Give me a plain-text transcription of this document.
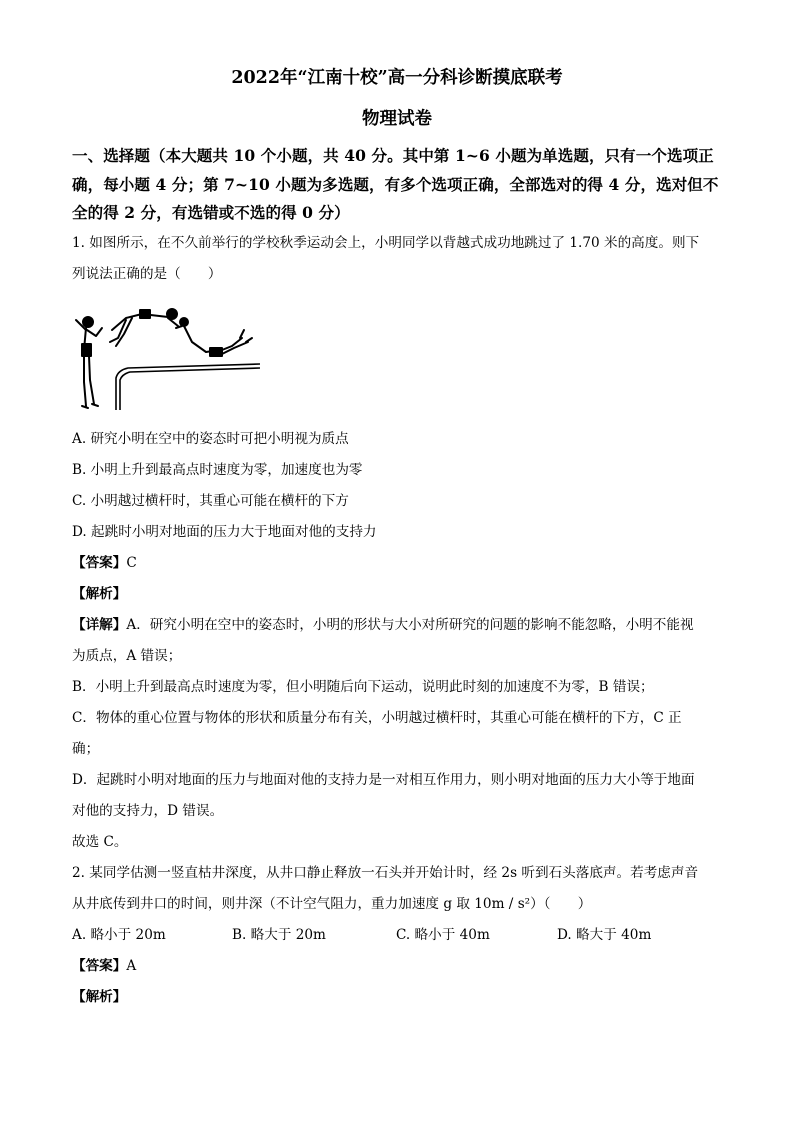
2022年“江南十校”高一分科诊断摸底联考
物理试卷

一、选择题（本大题共 10 个小题，共 40 分。其中第 1~6 小题为单选题，只有一个选项正

确，每小题 4 分；第 7~10 小题为多选题，有多个选项正确，全部选对的得 4 分，选对但不

全的得 2 分，有选错或不选的得 0 分）

1. 如图所示，在不久前举行的学校秋季运动会上，小明同学以背越式成功地跳过了 1.70 米的高度。则下

列说法正确的是（　　）

A. 研究小明在空中的姿态时可把小明视为质点

B. 小明上升到最高点时速度为零，加速度也为零

C. 小明越过横杆时，其重心可能在横杆的下方

D. 起跳时小明对地面的压力大于地面对他的支持力

【答案】C

【解析】

【详解】A．研究小明在空中的姿态时，小明的形状与大小对所研究的问题的影响不能忽略，小明不能视

为质点，A 错误；

B．小明上升到最高点时速度为零，但小明随后向下运动，说明此时刻的加速度不为零，B 错误；

C．物体的重心位置与物体的形状和质量分布有关，小明越过横杆时，其重心可能在横杆的下方，C 正

确；

D．起跳时小明对地面的压力与地面对他的支持力是一对相互作用力，则小明对地面的压力大小等于地面

对他的支持力，D 错误。

故选 C。

2. 某同学估测一竖直枯井深度，从井口静止释放一石头并开始计时，经 2s 听到石头落底声。若考虑声音

从井底传到井口的时间，则井深（不计空气阻力，重力加速度 g 取 10m / s²）（　　）

A. 略小于 20m	B. 略大于 20m	C. 略小于 40m	D. 略大于 40m

【答案】A

【解析】
